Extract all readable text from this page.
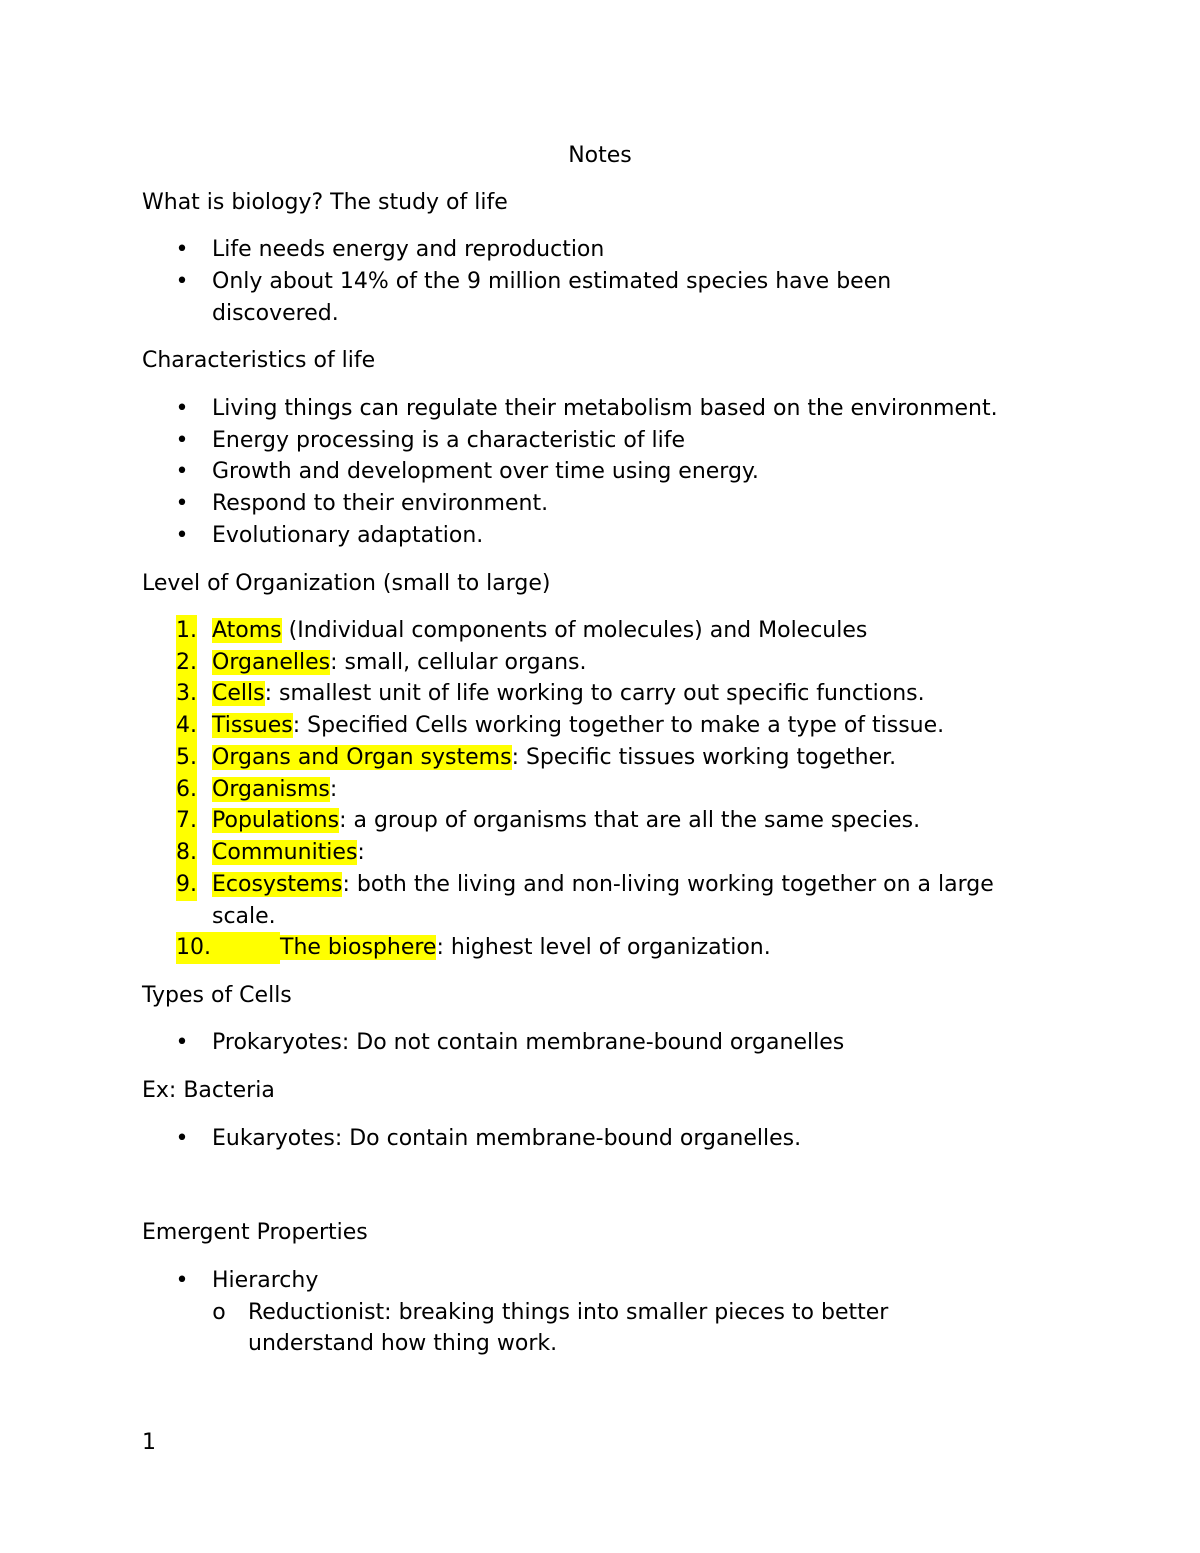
Notes
What is biology? The study of life
• Life needs energy and reproduction
• Only about 14% of the 9 million estimated species have been
discovered.
Characteristics of life
• Living things can regulate their metabolism based on the environment.
• Energy processing is a characteristic of life
• Growth and development over time using energy.
• Respond to their environment.
• Evolutionary adaptation.
Level of Organization (small to large)
1. Atoms (Individual components of molecules) and Molecules
2. Organelles: small, cellular organs.
3. Cells: smallest unit of life working to carry out specific functions.
4. Tissues: Specified Cells working together to make a type of tissue.
5. Organs and Organ systems: Specific tissues working together.
6. Organisms:
7. Populations: a group of organisms that are all the same species.
8. Communities:
9. Ecosystems: both the living and non-living working together on a large
scale.
10.	The biosphere: highest level of organization.
Types of Cells
• Prokaryotes: Do not contain membrane-bound organelles
Ex: Bacteria
• Eukaryotes: Do contain membrane-bound organelles.
Emergent Properties
• Hierarchy
o Reductionist: breaking things into smaller pieces to better
understand how thing work.
1
